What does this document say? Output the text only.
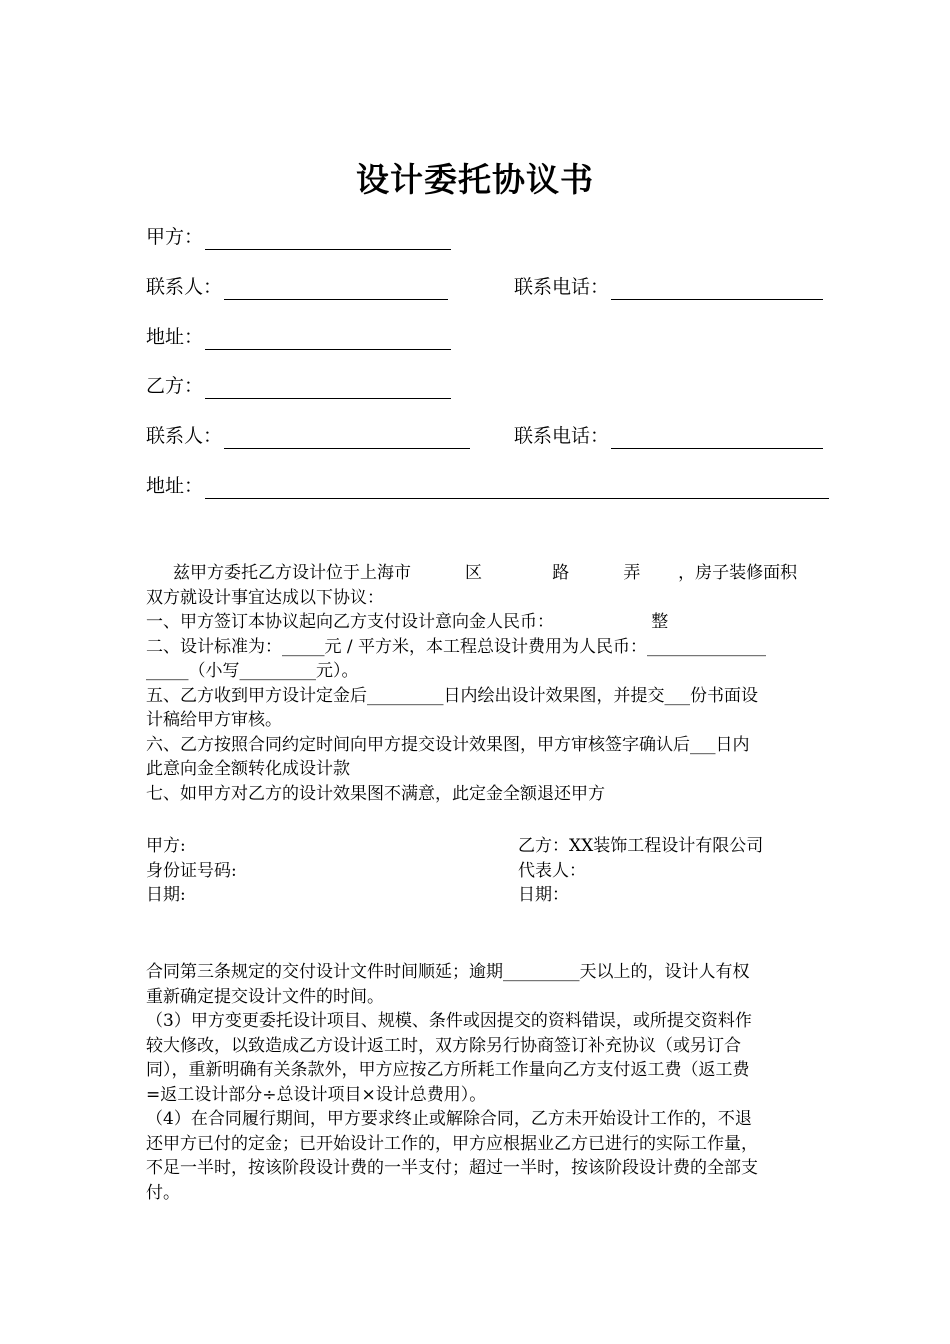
设计委托协议书
甲方：
联系人：	联系电话：
地址：
乙方：
联系人：	联系电话：
地址：
兹甲方委托乙方设计位于上海市          区             路          弄       ，房子装修面积
双方就设计事宜达成以下协议：
一、甲方签订本协议起向乙方支付设计意向金人民币：                  整
二、设计标准为：_____元 / 平方米，本工程总设计费用为人民币：______________
_____（小写_________元）。
五、乙方收到甲方设计定金后_________日内绘出设计效果图，并提交___份书面设
计稿给甲方审核。
六、乙方按照合同约定时间向甲方提交设计效果图，甲方审核签字确认后___日内
此意向金全额转化成设计款
七、如甲方对乙方的设计效果图不满意，此定金全额退还甲方
甲方:
身份证号码:
日期:
乙方：XX装饰工程设计有限公司
代表人：
日期：
合同第三条规定的交付设计文件时间顺延；逾期_________天以上的，设计人有权
重新确定提交设计文件的时间。
（3）甲方变更委托设计项目、规模、条件或因提交的资料错误，或所提交资料作
较大修改，以致造成乙方设计返工时，双方除另行协商签订补充协议（或另订合
同），重新明确有关条款外，甲方应按乙方所耗工作量向乙方支付返工费（返工费
=返工设计部分÷总设计项目×设计总费用）。
（4）在合同履行期间，甲方要求终止或解除合同，乙方未开始设计工作的，不退
还甲方已付的定金；已开始设计工作的，甲方应根据业乙方已进行的实际工作量，
不足一半时，按该阶段设计费的一半支付；超过一半时，按该阶段设计费的全部支
付。
